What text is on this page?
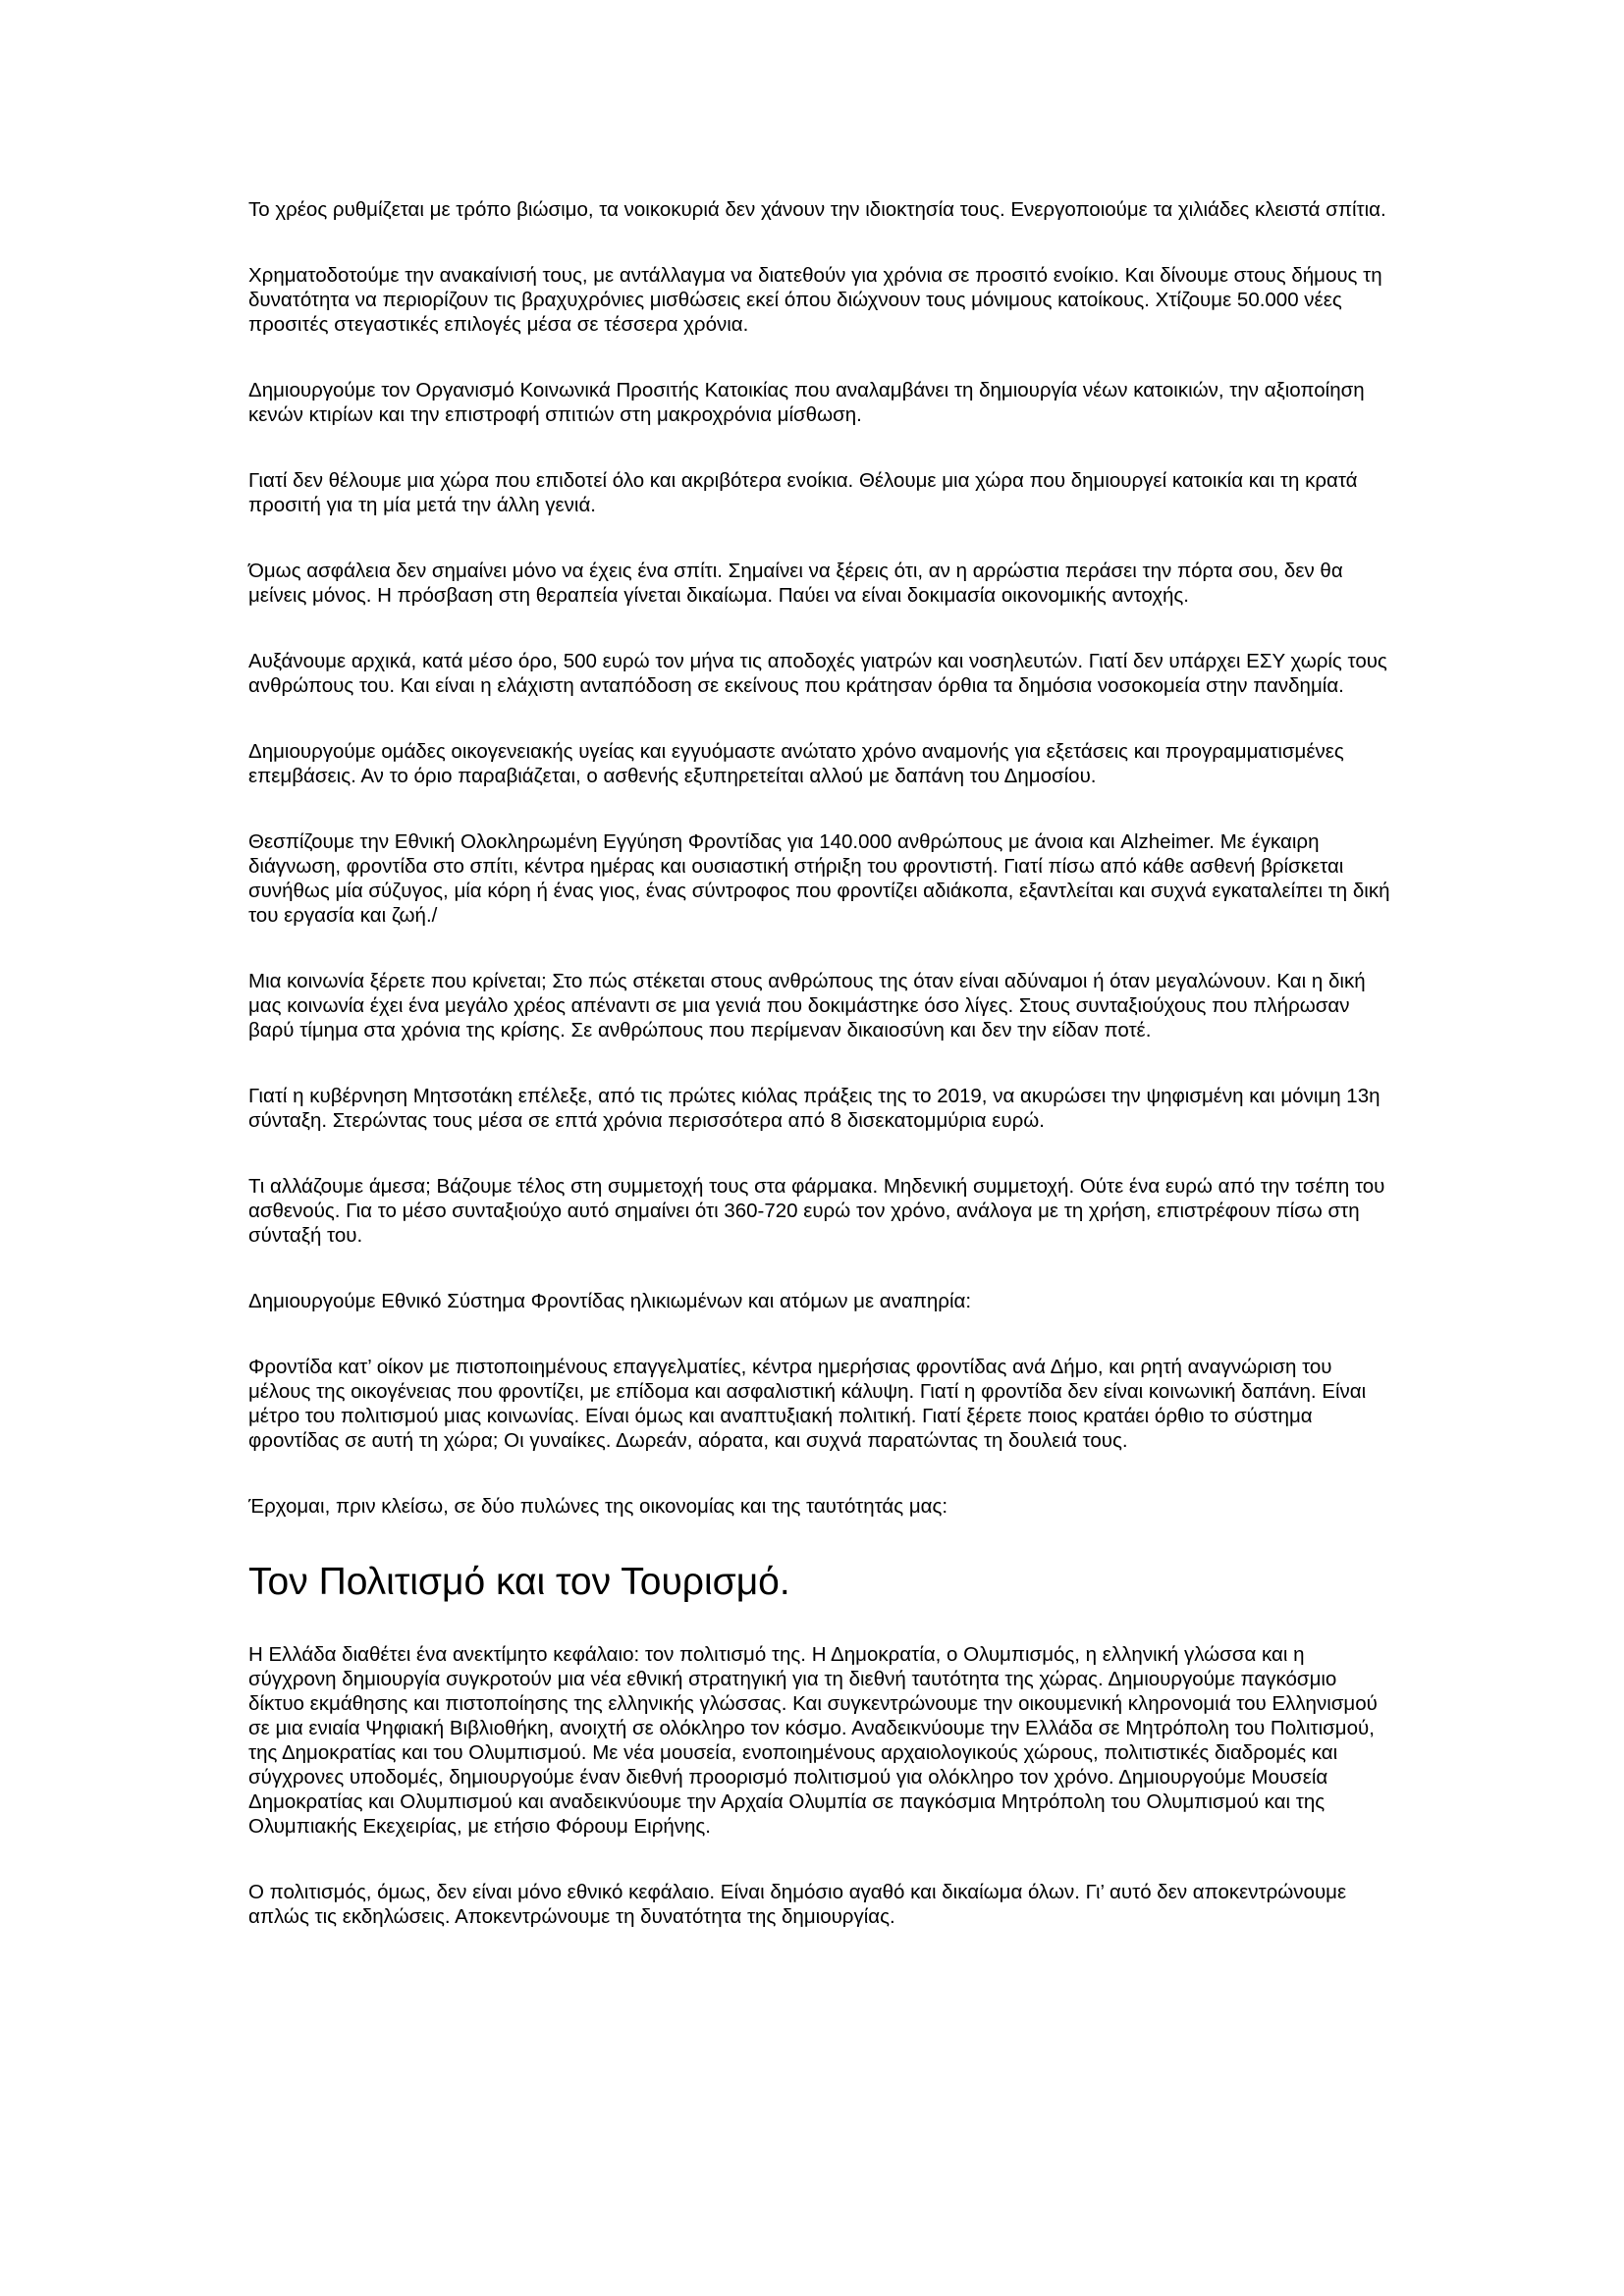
Το χρέος ρυθμίζεται με τρόπο βιώσιμο, τα νοικοκυριά δεν χάνουν την ιδιοκτησία τους. Ενεργοποιούμε τα χιλιάδες κλειστά σπίτια.

Χρηματοδοτούμε την ανακαίνισή τους, με αντάλλαγμα να διατεθούν για χρόνια σε προσιτό ενοίκιο. Και δίνουμε στους δήμους τη δυνατότητα να περιορίζουν τις βραχυχρόνιες μισθώσεις εκεί όπου διώχνουν τους μόνιμους κατοίκους. Χτίζουμε 50.000 νέες προσιτές στεγαστικές επιλογές μέσα σε τέσσερα χρόνια.

Δημιουργούμε τον Οργανισμό Κοινωνικά Προσιτής Κατοικίας που αναλαμβάνει τη δημιουργία νέων κατοικιών, την αξιοποίηση κενών κτιρίων και την επιστροφή σπιτιών στη μακροχρόνια μίσθωση.

Γιατί δεν θέλουμε μια χώρα που επιδοτεί όλο και ακριβότερα ενοίκια. Θέλουμε μια χώρα που δημιουργεί κατοικία και τη κρατά προσιτή για τη μία μετά την άλλη γενιά.

Όμως ασφάλεια δεν σημαίνει μόνο να έχεις ένα σπίτι. Σημαίνει να ξέρεις ότι, αν η αρρώστια περάσει την πόρτα σου, δεν θα μείνεις μόνος. Η πρόσβαση στη θεραπεία γίνεται δικαίωμα. Παύει να είναι δοκιμασία οικονομικής αντοχής.

Αυξάνουμε αρχικά, κατά μέσο όρο, 500 ευρώ τον μήνα τις αποδοχές γιατρών και νοσηλευτών. Γιατί δεν υπάρχει ΕΣΥ χωρίς τους ανθρώπους του. Και είναι η ελάχιστη ανταπόδοση σε εκείνους που κράτησαν όρθια τα δημόσια νοσοκομεία στην πανδημία.

Δημιουργούμε ομάδες οικογενειακής υγείας και εγγυόμαστε ανώτατο χρόνο αναμονής για εξετάσεις και προγραμματισμένες επεμβάσεις. Αν το όριο παραβιάζεται, ο ασθενής εξυπηρετείται αλλού με δαπάνη του Δημοσίου.

Θεσπίζουμε την Εθνική Ολοκληρωμένη Εγγύηση Φροντίδας για 140.000 ανθρώπους με άνοια και Alzheimer. Με έγκαιρη διάγνωση, φροντίδα στο σπίτι, κέντρα ημέρας και ουσιαστική στήριξη του φροντιστή. Γιατί πίσω από κάθε ασθενή βρίσκεται συνήθως μία σύζυγος, μία κόρη ή ένας γιος, ένας σύντροφος που φροντίζει αδιάκοπα, εξαντλείται και συχνά εγκαταλείπει τη δική του εργασία και ζωή./

Μια κοινωνία ξέρετε που κρίνεται; Στο πώς στέκεται στους ανθρώπους της όταν είναι αδύναμοι ή όταν μεγαλώνουν. Και η δική μας κοινωνία έχει ένα μεγάλο χρέος απέναντι σε μια γενιά που δοκιμάστηκε όσο λίγες. Στους συνταξιούχους που πλήρωσαν βαρύ τίμημα στα χρόνια της κρίσης. Σε ανθρώπους που περίμεναν δικαιοσύνη και δεν την είδαν ποτέ.

Γιατί η κυβέρνηση Μητσοτάκη επέλεξε, από τις πρώτες κιόλας πράξεις της το 2019, να ακυρώσει την ψηφισμένη και μόνιμη 13η σύνταξη. Στερώντας τους μέσα σε επτά χρόνια περισσότερα από 8 δισεκατομμύρια ευρώ.

Τι αλλάζουμε άμεσα; Βάζουμε τέλος στη συμμετοχή τους στα φάρμακα. Μηδενική συμμετοχή. Ούτε ένα ευρώ από την τσέπη του ασθενούς. Για το μέσο συνταξιούχο αυτό σημαίνει ότι 360-720 ευρώ τον χρόνο, ανάλογα με τη χρήση, επιστρέφουν πίσω στη σύνταξή του.

Δημιουργούμε Εθνικό Σύστημα Φροντίδας ηλικιωμένων και ατόμων με αναπηρία:

Φροντίδα κατ’ οίκον με πιστοποιημένους επαγγελματίες, κέντρα ημερήσιας φροντίδας ανά Δήμο, και ρητή αναγνώριση του μέλους της οικογένειας που φροντίζει, με επίδομα και ασφαλιστική κάλυψη. Γιατί η φροντίδα δεν είναι κοινωνική δαπάνη. Είναι μέτρο του πολιτισμού μιας κοινωνίας. Είναι όμως και αναπτυξιακή πολιτική. Γιατί ξέρετε ποιος κρατάει όρθιο το σύστημα φροντίδας σε αυτή τη χώρα; Οι γυναίκες. Δωρεάν, αόρατα, και συχνά παρατώντας τη δουλειά τους.

Έρχομαι, πριν κλείσω, σε δύο πυλώνες της οικονομίας και της ταυτότητάς μας:

Τον Πολιτισμό και τον Τουρισμό.

Η Ελλάδα διαθέτει ένα ανεκτίμητο κεφάλαιο: τον πολιτισμό της. Η Δημοκρατία, ο Ολυμπισμός, η ελληνική γλώσσα και η σύγχρονη δημιουργία συγκροτούν μια νέα εθνική στρατηγική για τη διεθνή ταυτότητα της χώρας. Δημιουργούμε παγκόσμιο δίκτυο εκμάθησης και πιστοποίησης της ελληνικής γλώσσας. Και συγκεντρώνουμε την οικουμενική κληρονομιά του Ελληνισμού σε μια ενιαία Ψηφιακή Βιβλιοθήκη, ανοιχτή σε ολόκληρο τον κόσμο. Αναδεικνύουμε την Ελλάδα σε Μητρόπολη του Πολιτισμού, της Δημοκρατίας και του Ολυμπισμού. Με νέα μουσεία, ενοποιημένους αρχαιολογικούς χώρους, πολιτιστικές διαδρομές και σύγχρονες υποδομές, δημιουργούμε έναν διεθνή προορισμό πολιτισμού για ολόκληρο τον χρόνο. Δημιουργούμε Μουσεία Δημοκρατίας και Ολυμπισμού και αναδεικνύουμε την Αρχαία Ολυμπία σε παγκόσμια Μητρόπολη του Ολυμπισμού και της Ολυμπιακής Εκεχειρίας, με ετήσιο Φόρουμ Ειρήνης.

Ο πολιτισμός, όμως, δεν είναι μόνο εθνικό κεφάλαιο. Είναι δημόσιο αγαθό και δικαίωμα όλων. Γι’ αυτό δεν αποκεντρώνουμε απλώς τις εκδηλώσεις. Αποκεντρώνουμε τη δυνατότητα της δημιουργίας.
